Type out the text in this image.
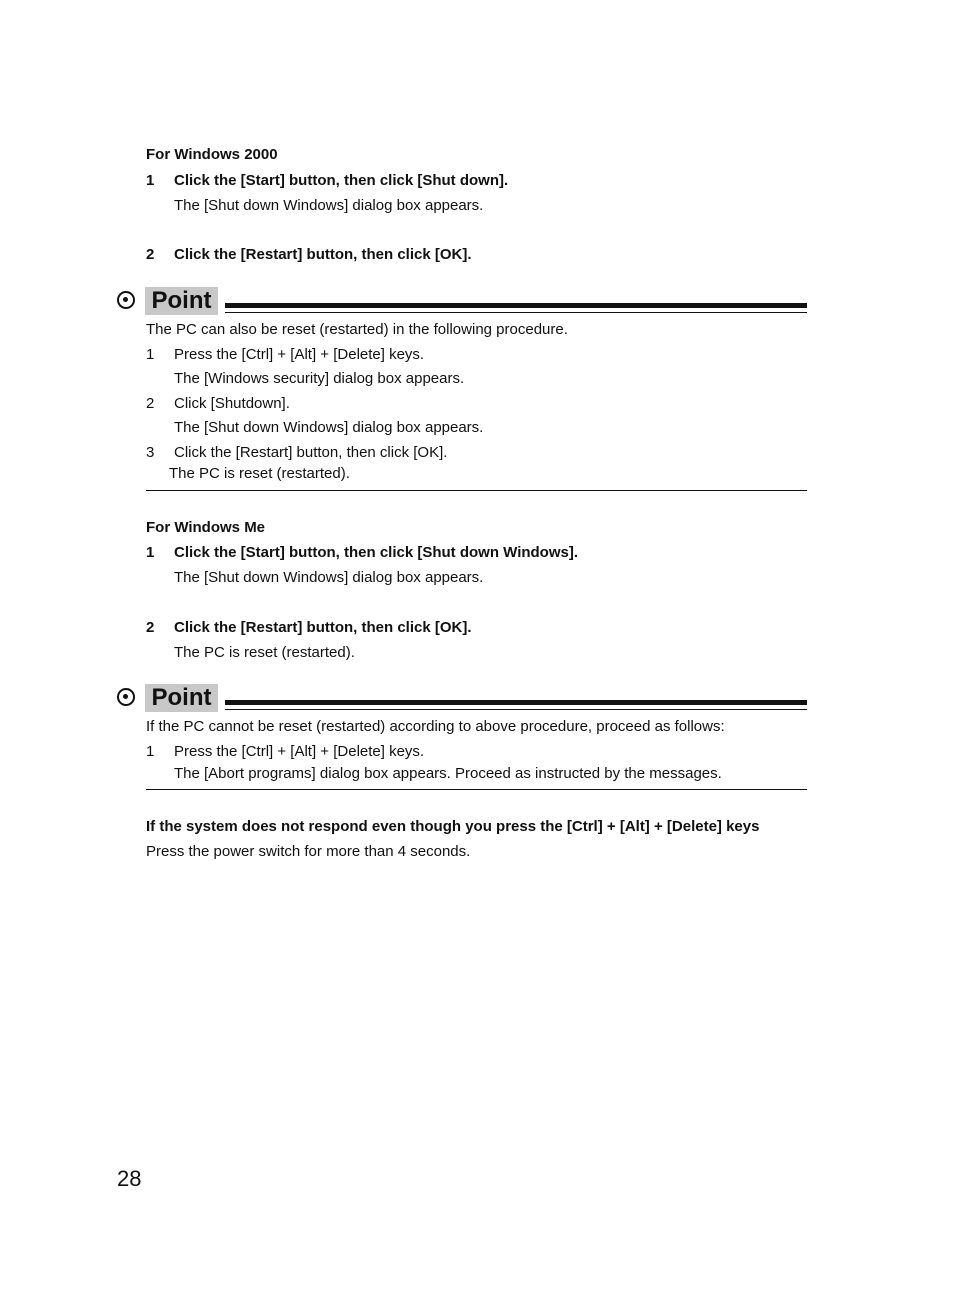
For Windows 2000
1 Click the [Start] button, then click [Shut down].
The [Shut down Windows] dialog box appears.
2 Click the [Restart] button, then click [OK].
Point
The PC can also be reset (restarted) in the following procedure.
1 Press the [Ctrl] + [Alt] + [Delete] keys.
The [Windows security] dialog box appears.
2 Click [Shutdown].
The [Shut down Windows] dialog box appears.
3 Click the [Restart] button, then click [OK].
The PC is reset (restarted).
For Windows Me
1 Click the [Start] button, then click [Shut down Windows].
The [Shut down Windows] dialog box appears.
2 Click the [Restart] button, then click [OK].
The PC is reset (restarted).
Point
If the PC cannot be reset (restarted) according to above procedure, proceed as follows:
1 Press the [Ctrl] + [Alt] + [Delete] keys.
The [Abort programs] dialog box appears. Proceed as instructed by the messages.
If the system does not respond even though you press the [Ctrl] + [Alt] + [Delete] keys
Press the power switch for more than 4 seconds.
28
